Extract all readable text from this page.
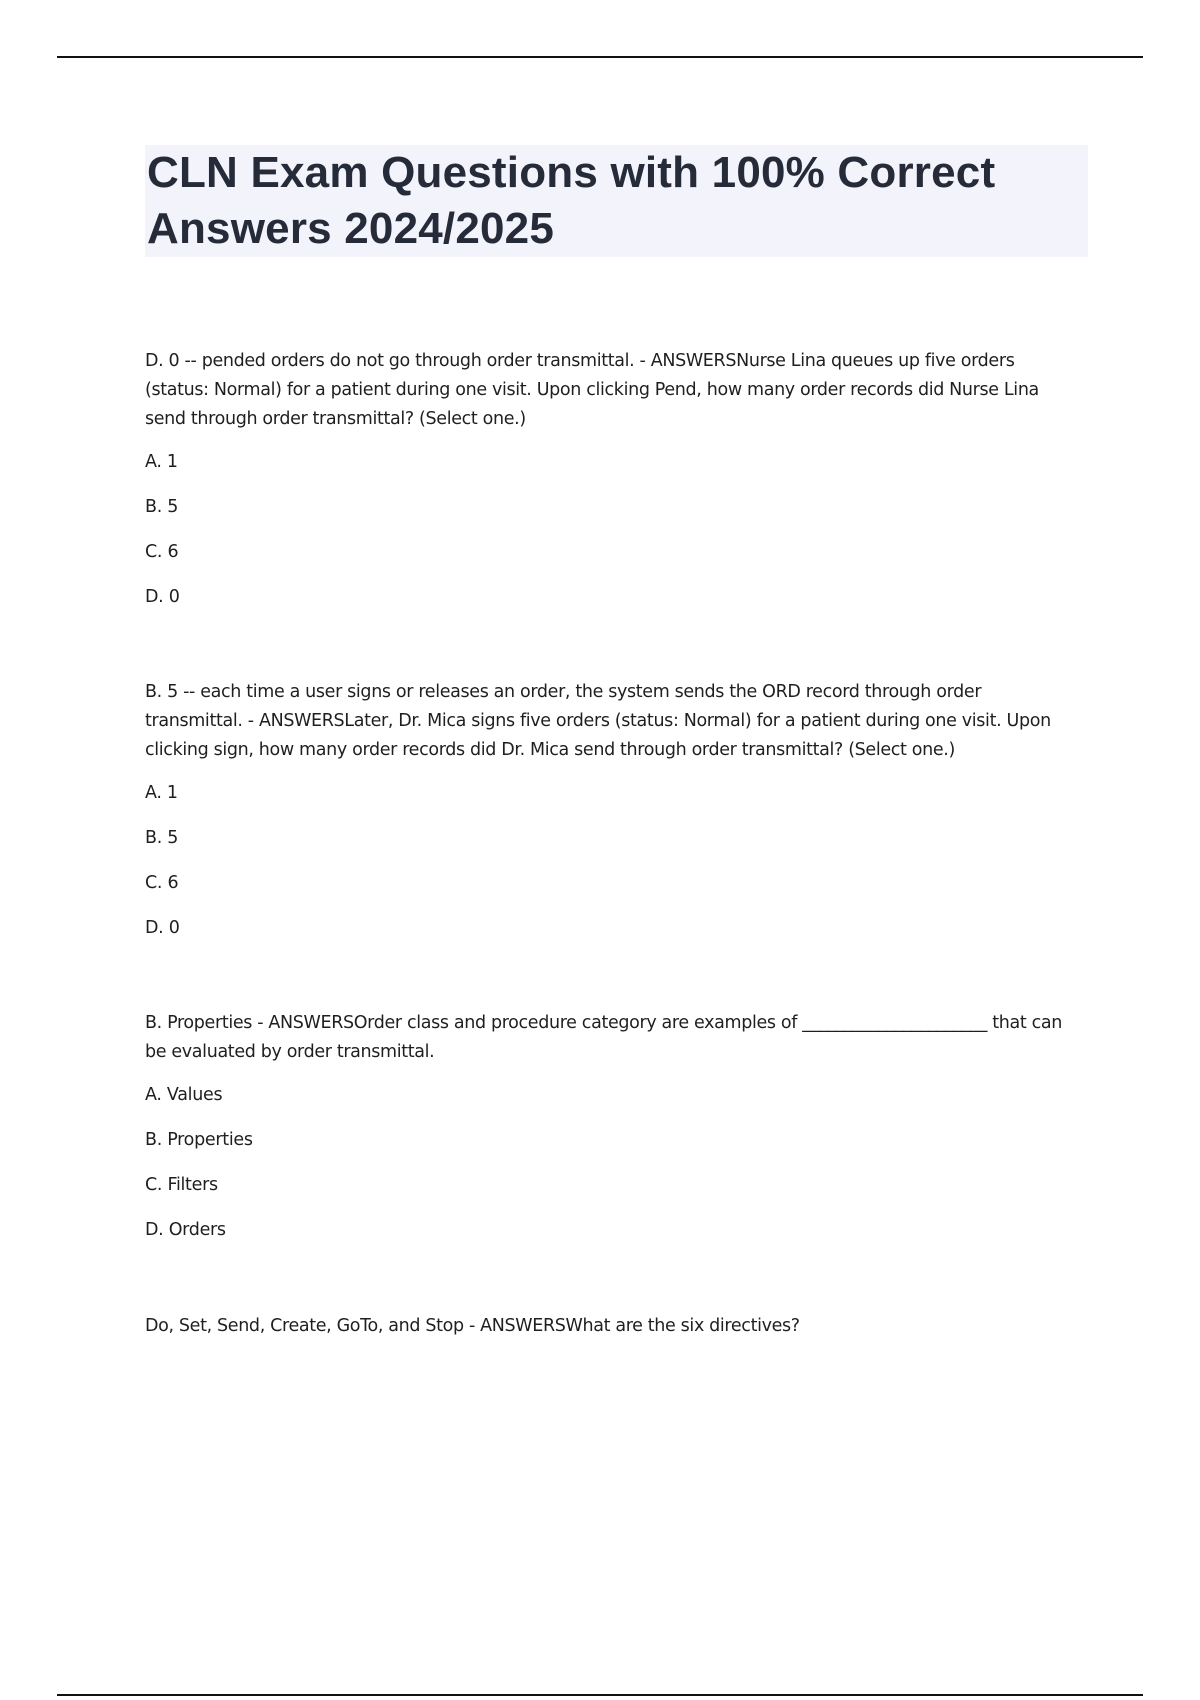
CLN Exam Questions with 100% Correct Answers 2024/2025

D. 0 -- pended orders do not go through order transmittal. - ANSWERSNurse Lina queues up five orders (status: Normal) for a patient during one visit. Upon clicking Pend, how many order records did Nurse Lina send through order transmittal? (Select one.)

A. 1
B. 5
C. 6
D. 0

B. 5 -- each time a user signs or releases an order, the system sends the ORD record through order transmittal. - ANSWERSLater, Dr. Mica signs five orders (status: Normal) for a patient during one visit. Upon clicking sign, how many order records did Dr. Mica send through order transmittal? (Select one.)

A. 1
B. 5
C. 6
D. 0

B. Properties - ANSWERSOrder class and procedure category are examples of ______________________ that can be evaluated by order transmittal.

A. Values
B. Properties
C. Filters
D. Orders

Do, Set, Send, Create, GoTo, and Stop - ANSWERSWhat are the six directives?
